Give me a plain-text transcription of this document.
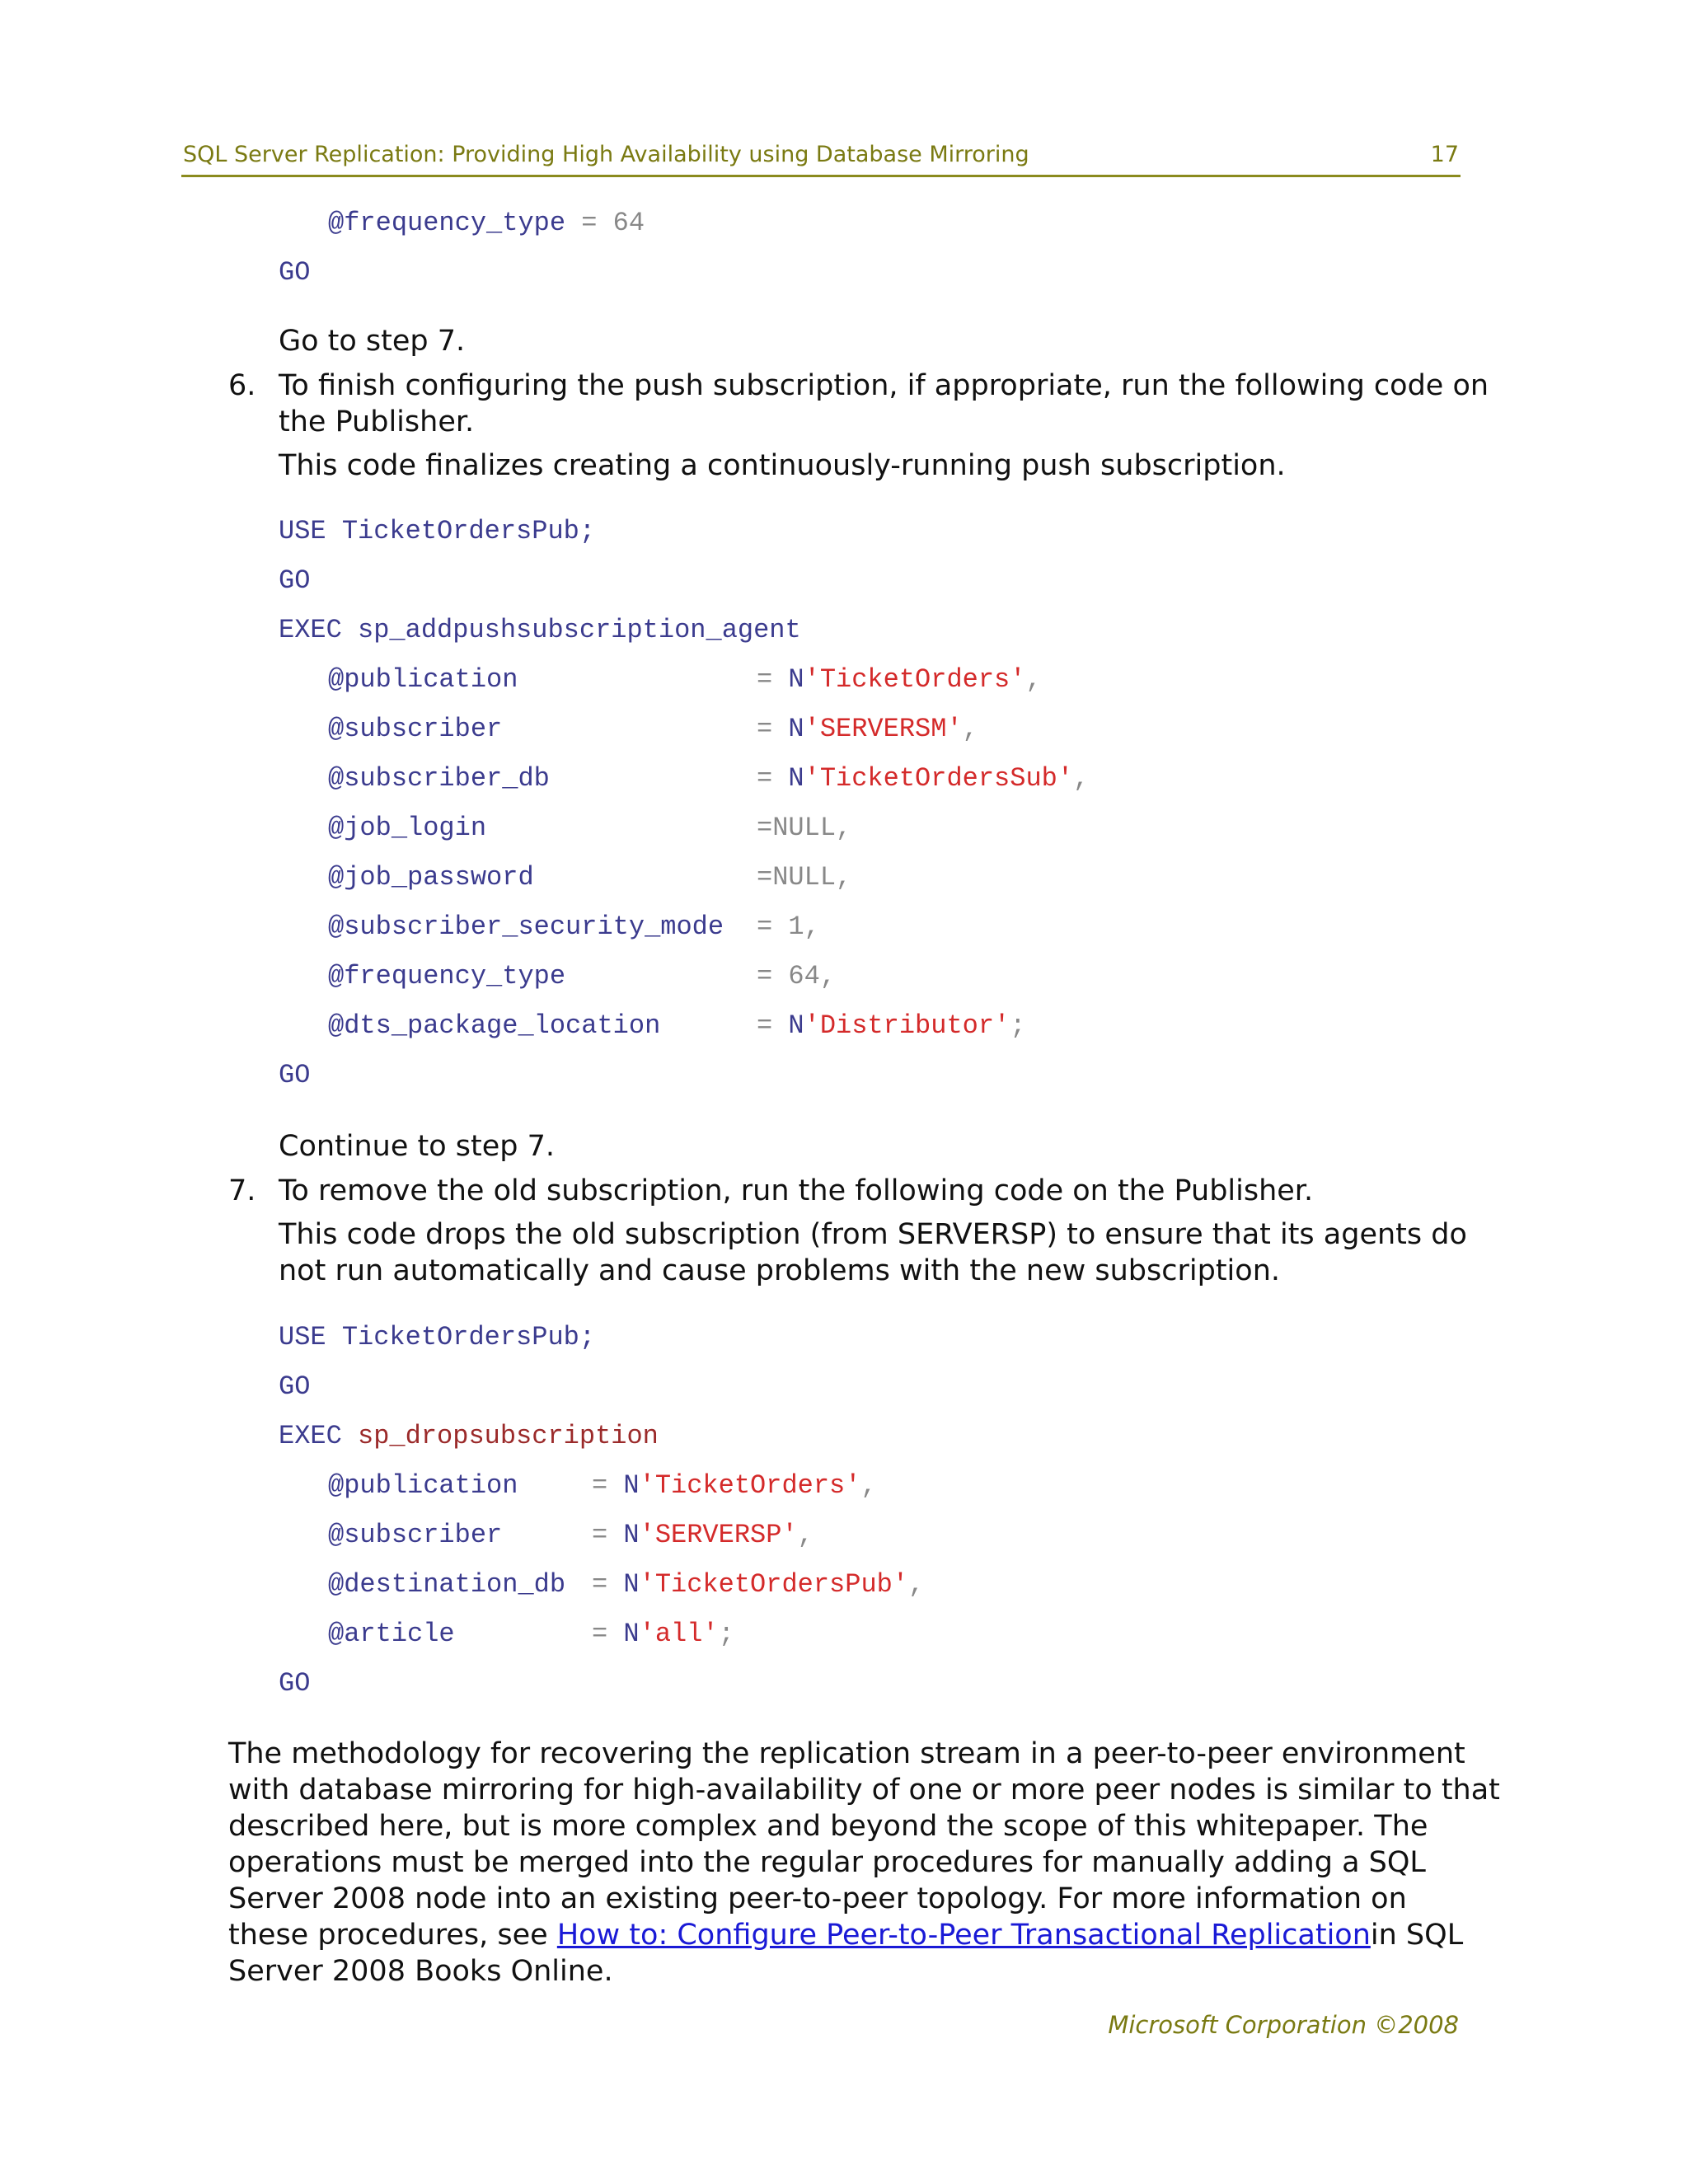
SQL Server Replication: Providing High Availability using Database Mirroring	17
@frequency_type = 64
GO
Go to step 7.
6. To finish configuring the push subscription, if appropriate, run the following code on
the Publisher.
This code finalizes creating a continuously-running push subscription.
USE TicketOrdersPub;
GO
EXEC sp_addpushsubscription_agent
@publication	= N'TicketOrders',
@subscriber	= N'SERVERSM',
@subscriber_db	= N'TicketOrdersSub',
@job_login	=NULL,
@job_password	=NULL,
@subscriber_security_mode = 1,
@frequency_type	= 64,
@dts_package_location	= N'Distributor';
GO
Continue to step 7.
7. To remove the old subscription, run the following code on the Publisher.
This code drops the old subscription (from SERVERSP) to ensure that its agents do
not run automatically and cause problems with the new subscription.
USE TicketOrdersPub;
GO
EXEC sp_dropsubscription
@publication	= N'TicketOrders',
@subscriber	= N'SERVERSP',
@destination_db = N'TicketOrdersPub',
@article	= N'all';
GO
The methodology for recovering the replication stream in a peer-to-peer environment
with database mirroring for high-availability of one or more peer nodes is similar to that
described here, but is more complex and beyond the scope of this whitepaper. The
operations must be merged into the regular procedures for manually adding a SQL
Server 2008 node into an existing peer-to-peer topology. For more information on
these procedures, see How to: Configure Peer-to-Peer Transactional Replicationin SQL
Server 2008 Books Online.
Microsoft Corporation ©2008
